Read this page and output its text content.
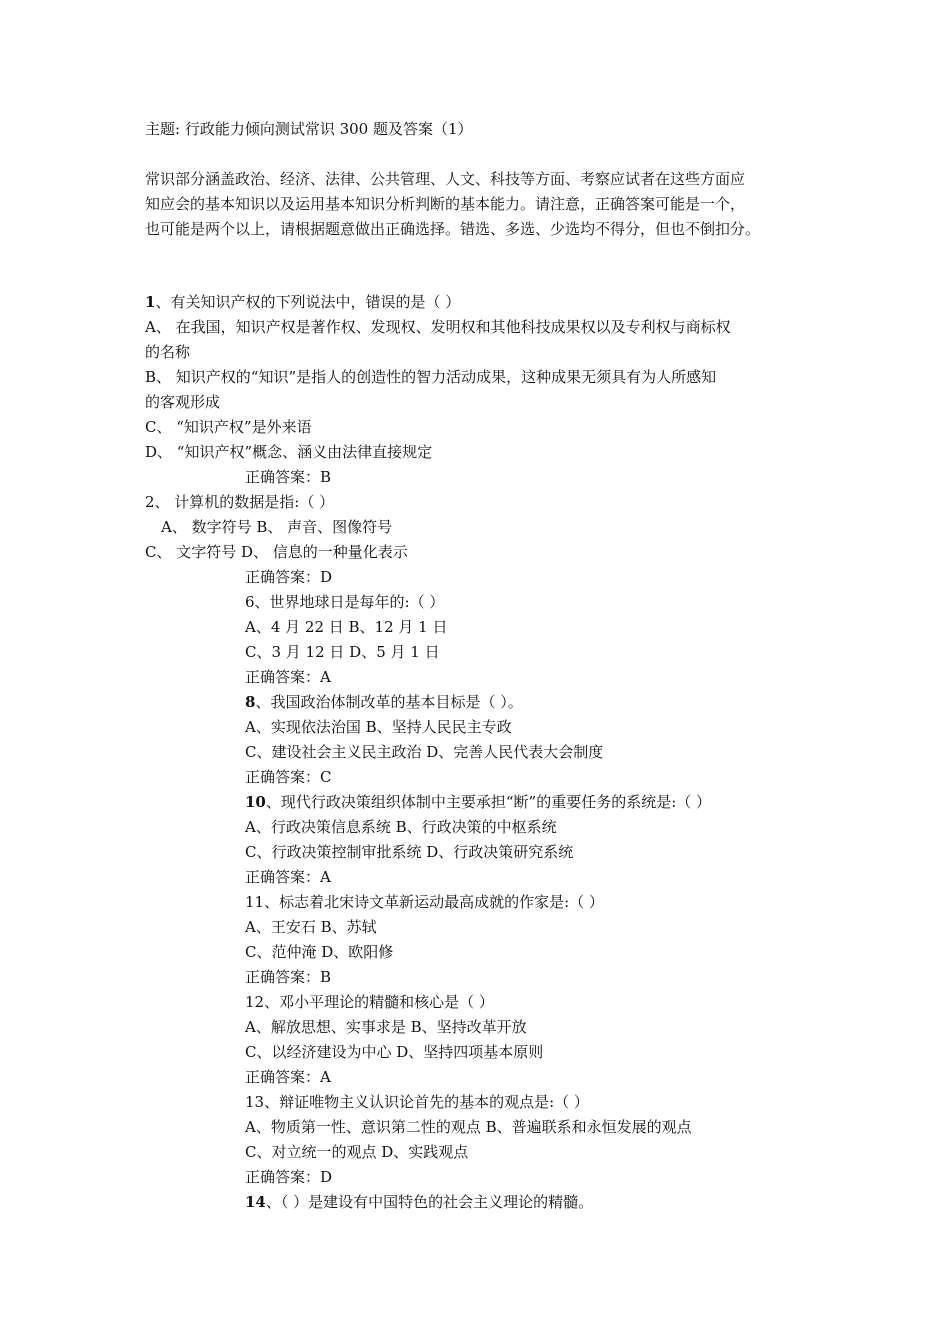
主题: 行政能力倾向测试常识 300 题及答案（1）
常识部分涵盖政治、经济、法律、公共管理、人文、科技等方面、考察应试者在这些方面应
知应会的基本知识以及运用基本知识分析判断的基本能力。请注意，正确答案可能是一个，
也可能是两个以上，请根据题意做出正确选择。错选、多选、少选均不得分，但也不倒扣分。
1、有关知识产权的下列说法中，错误的是（ ）
A、 在我国，知识产权是著作权、发现权、发明权和其他科技成果权以及专利权与商标权
的名称
B、 知识产权的“知识”是指人的创造性的智力活动成果，这种成果无须具有为人所感知
的客观形成
C、 “知识产权”是外来语
D、 “知识产权”概念、涵义由法律直接规定
正确答案：B
2、 计算机的数据是指:（ ）
A、 数字符号 B、 声音、图像符号
C、 文字符号 D、 信息的一种量化表示
正确答案：D
6、世界地球日是每年的:（ ）
A、4 月 22 日 B、12 月 1 日
C、3 月 12 日 D、5 月 1 日
正确答案：A
8、我国政治体制改革的基本目标是（ ）。
A、实现依法治国 B、坚持人民民主专政
C、建设社会主义民主政治 D、完善人民代表大会制度
正确答案：C
10、现代行政决策组织体制中主要承担“断”的重要任务的系统是:（ ）
A、行政决策信息系统 B、行政决策的中枢系统
C、行政决策控制审批系统 D、行政决策研究系统
正确答案：A
11、标志着北宋诗文革新运动最高成就的作家是:（ ）
A、王安石 B、苏轼
C、范仲淹 D、欧阳修
正确答案：B
12、邓小平理论的精髓和核心是（ ）
A、解放思想、实事求是 B、坚持改革开放
C、以经济建设为中心 D、坚持四项基本原则
正确答案：A
13、辩证唯物主义认识论首先的基本的观点是:（ ）
A、物质第一性、意识第二性的观点 B、普遍联系和永恒发展的观点
C、对立统一的观点 D、实践观点
正确答案：D
14、（ ）是建设有中国特色的社会主义理论的精髓。
